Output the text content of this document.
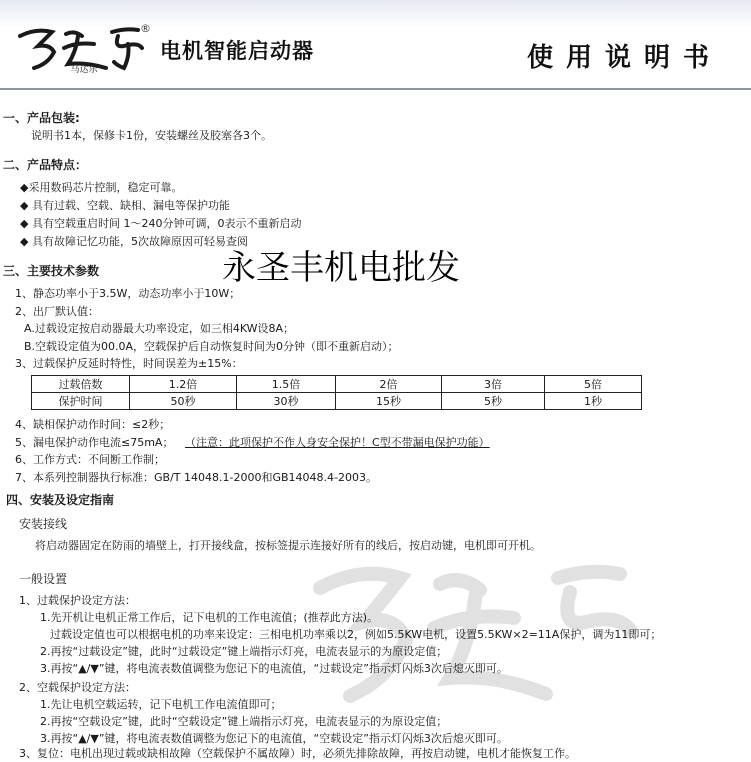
马达乐
®
电机智能启动器	使用说明书
一、产品包装:
说明书1本，保修卡1份，安装螺丝及胶塞各3个。
二、产品特点：
◆采用数码芯片控制，稳定可靠。
◆ 具有过载、空载、缺相、漏电等保护功能
◆ 具有空载重启时间 1～240分钟可调，0表示不重新启动
◆ 具有故障记忆功能，5次故障原因可轻易查阅
永圣丰机电批发
三、主要技术参数
1、静态功率小于3.5W，动态功率小于10W；
2、出厂默认值：
A.过载设定按启动器最大功率设定，如三相4KW设8A；
B.空载设定值为00.0A，空载保护后自动恢复时间为0分钟（即不重新启动）；
3、过载保护反延时特性，时间误差为±15%：
过载倍数	1.2倍	1.5倍	2倍	3倍	5倍
保护时间	50秒	30秒	15秒	5秒	1秒
4、缺相保护动作时间：≤2秒；
5、漏电保护动作电流≤75mA； （注意：此项保护不作人身安全保护！C型不带漏电保护功能）
6、工作方式：不间断工作制；
7、本系列控制器执行标准：GB/T 14048.1-2000和GB14048.4-2003。
四、安装及设定指南
安装接线
将启动器固定在防雨的墙壁上，打开接线盒，按标签提示连接好所有的线后，按启动键，电机即可开机。
一般设置
1、过载保护设定方法：
1.先开机让电机正常工作后，记下电机的工作电流值；(推荐此方法)。
过载设定值也可以根据电机的功率来设定：三相电机功率乘以2，例如5.5KW电机，设置5.5KW×2=11A保护，调为11即可；
2.再按“过载设定”键，此时“过载设定”键上端指示灯亮，电流表显示的为原设定值；
3.再按“▲/▼”键，将电流表数值调整为您记下的电流值，“过载设定”指示灯闪烁3次后熄灭即可。
2、空载保护设定方法：
1.先让电机空载运转，记下电机工作电流值即可；
2.再按“空载设定”键，此时“空载设定”键上端指示灯亮，电流表显示的为原设定值；
3.再按“▲/▼”键，将电流表数值调整为您记下的电流值，“空载设定”指示灯闪烁3次后熄灭即可。
3、复位：电机出现过载或缺相故障（空载保护不属故障）时，必须先排除故障，再按启动键，电机才能恢复工作。
